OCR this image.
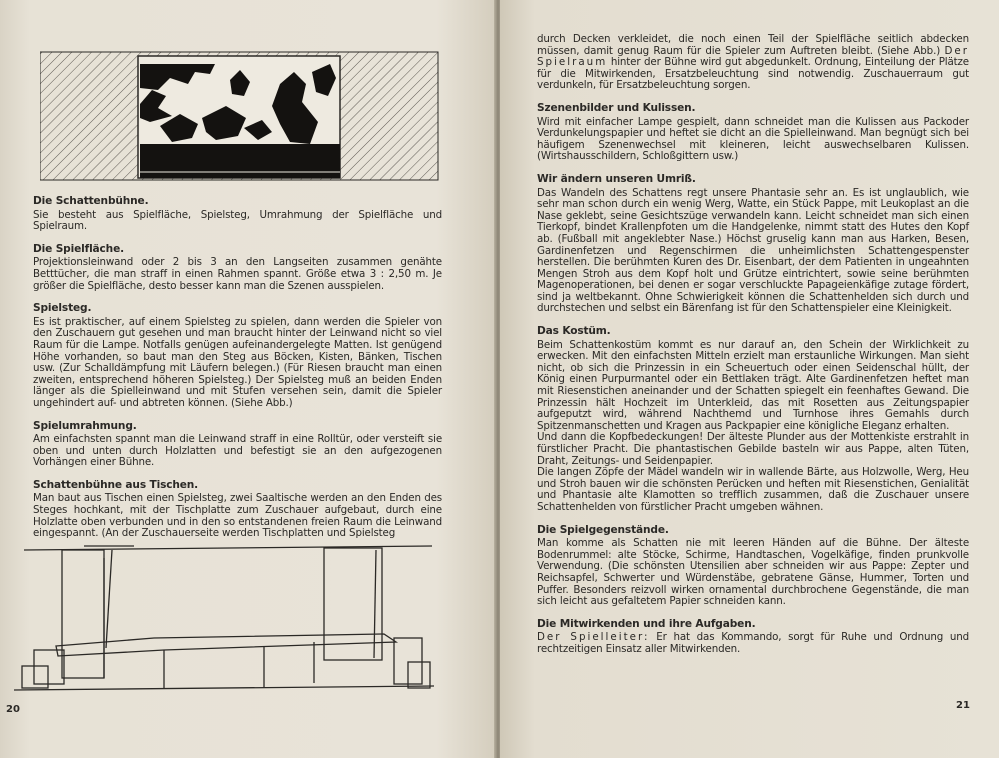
Die Schattenbühne.

Sie besteht aus Spielfläche, Spielsteg, Umrahmung der Spielfläche und Spielraum.

Die Spielfläche.

Projektionsleinwand oder 2 bis 3 an den Langseiten zusammen genähte Betttücher, die man straff in einen Rahmen spannt. Größe etwa 3 : 2,50 m. Je größer die Spielfläche, desto besser kann man die Szenen ausspielen.

Spielsteg.

Es ist praktischer, auf einem Spielsteg zu spielen, dann werden die Spieler von den Zuschauern gut gesehen und man braucht hinter der Leinwand nicht so viel Raum für die Lampe. Notfalls genügen aufeinandergelegte Matten. Ist genügend Höhe vorhanden, so baut man den Steg aus Böcken, Kisten, Bänken, Tischen usw. (Zur Schalldämpfung mit Läufern belegen.) (Für Riesen braucht man einen zweiten, entsprechend höheren Spielsteg.) Der Spielsteg muß an beiden Enden länger als die Spielleinwand und mit Stufen versehen sein, damit die Spieler ungehindert auf- und abtreten können. (Siehe Abb.)

Spielumrahmung.

Am einfachsten spannt man die Leinwand straff in eine Rolltür, oder versteift sie oben und unten durch Holzlatten und befestigt sie an den aufgezogenen Vorhängen einer Bühne.

Schattenbühne aus Tischen.

Man baut aus Tischen einen Spielsteg, zwei Saaltische werden an den Enden des Steges hochkant, mit der Tischplatte zum Zuschauer aufgebaut, durch eine Holzlatte oben verbunden und in den so entstandenen freien Raum die Leinwand eingespannt. (An der Zuschauerseite werden Tischplatten und Spielsteg

20

durch Decken verkleidet, die noch einen Teil der Spielfläche seitlich abdecken müssen, damit genug Raum für die Spieler zum Auftreten bleibt. (Siehe Abb.) Der Spielraum hinter der Bühne wird gut abgedunkelt. Ordnung, Einteilung der Plätze für die Mitwirkenden, Ersatzbeleuchtung sind notwendig. Zuschauerraum gut verdunkeln, für Ersatzbeleuchtung sorgen.

Szenenbilder und Kulissen.

Wird mit einfacher Lampe gespielt, dann schneidet man die Kulissen aus Packoder Verdunkelungspapier und heftet sie dicht an die Spielleinwand. Man begnügt sich bei häufigem Szenenwechsel mit kleineren, leicht auswechselbaren Kulissen. (Wirtshausschildern, Schloßgittern usw.)

Wir ändern unseren Umriß.

Das Wandeln des Schattens regt unsere Phantasie sehr an. Es ist unglaublich, wie sehr man schon durch ein wenig Werg, Watte, ein Stück Pappe, mit Leukoplast an die Nase geklebt, seine Gesichtszüge verwandeln kann. Leicht schneidet man sich einen Tierkopf, bindet Krallenpfoten um die Handgelenke, nimmt statt des Hutes den Kopf ab. (Fußball mit angeklebter Nase.) Höchst gruselig kann man aus Harken, Besen, Gardinenfetzen und Regenschirmen die unheimlichsten Schattengespenster herstellen. Die berühmten Kuren des Dr. Eisenbart, der dem Patienten in ungeahnten Mengen Stroh aus dem Kopf holt und Grütze eintrichtert, sowie seine berühmten Magenoperationen, bei denen er sogar verschluckte Papageienkäfige zutage fördert, sind ja weltbekannt. Ohne Schwierigkeit können die Schattenhelden sich durch und durchstechen und selbst ein Bärenfang ist für den Schattenspieler eine Kleinigkeit.

Das Kostüm.

Beim Schattenkostüm kommt es nur darauf an, den Schein der Wirklichkeit zu erwecken. Mit den einfachsten Mitteln erzielt man erstaunliche Wirkungen. Man sieht nicht, ob sich die Prinzessin in ein Scheuertuch oder einen Seidenschal hüllt, der König einen Purpurmantel oder ein Bettlaken trägt. Alte Gardinenfetzen heftet man mit Riesenstichen aneinander und der Schatten spiegelt ein feenhaftes Gewand. Die Prinzessin hält Hochzeit im Unterkleid, das mit Rosetten aus Zeitungspapier aufgeputzt wird, während Nachthemd und Turnhose ihres Gemahls durch Spitzenmanschetten und Kragen aus Packpapier eine königliche Eleganz erhalten.

Und dann die Kopfbedeckungen! Der älteste Plunder aus der Mottenkiste erstrahlt in fürstlicher Pracht. Die phantastischen Gebilde basteln wir aus Pappe, alten Tüten, Draht, Zeitungs- und Seidenpapier.

Die langen Zöpfe der Mädel wandeln wir in wallende Bärte, aus Holzwolle, Werg, Heu und Stroh bauen wir die schönsten Perücken und heften mit Riesenstichen, Genialität und Phantasie alte Klamotten so trefflich zusammen, daß die Zuschauer unsere Schattenhelden von fürstlicher Pracht umgeben wähnen.

Die Spielgegenstände.

Man komme als Schatten nie mit leeren Händen auf die Bühne. Der älteste Bodenrummel: alte Stöcke, Schirme, Handtaschen, Vogelkäfige, finden prunkvolle Verwendung. (Die schönsten Utensilien aber schneiden wir aus Pappe: Zepter und Reichsapfel, Schwerter und Würdenstäbe, gebratene Gänse, Hummer, Torten und Puffer. Besonders reizvoll wirken ornamental durchbrochene Gegenstände, die man sich leicht aus gefaltetem Papier schneiden kann.

Die Mitwirkenden und ihre Aufgaben.

Der Spielleiter: Er hat das Kommando, sorgt für Ruhe und Ordnung und rechtzeitigen Einsatz aller Mitwirkenden.

21
